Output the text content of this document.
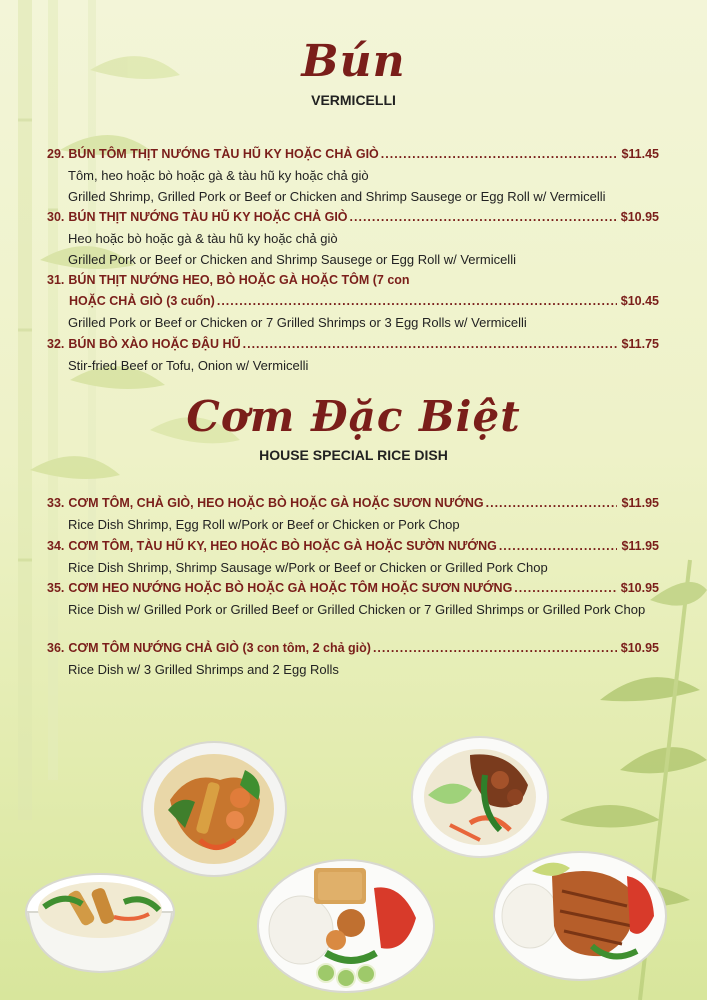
Bún
VERMICELLI
29. BÚN TÔM THỊT NƯỚNG TÀU HŨ KY HOẶC CHẢ GIÒ .....	$11.45
Tôm, heo hoặc bò hoặc gà & tàu hũ ky hoặc chả giò
Grilled Shrimp, Grilled Pork or Beef or Chicken and Shrimp Sausege or Egg Roll w/ Vermicelli
30. BÚN THỊT NƯỚNG TÀU HŨ KY HOẶC CHẢ GIÒ .....	$10.95
Heo hoặc bò hoặc gà & tàu hũ ky hoặc chả giò
Grilled Pork or Beef or Chicken and Shrimp Sausege or Egg Roll w/ Vermicelli
31. BÚN THỊT NƯỚNG HEO, BÒ HOẶC GÀ HOẶC TÔM (7 con
HOẶC CHẢ GIÒ (3 cuốn) .....	$10.45
Grilled Pork or Beef or Chicken or 7 Grilled Shrimps or 3 Egg Rolls w/ Vermicelli
32. BÚN BÒ XÀO HOẶC ĐẬU HŨ .....	$11.75
Stir-fried Beef or Tofu, Onion w/ Vermicelli
Cơm Đặc Biệt
HOUSE SPECIAL RICE DISH
33. CƠM TÔM, CHẢ GIÒ, HEO HOẶC BÒ HOẶC GÀ HOẶC SƯƠN NƯỚNG .....	$11.95
Rice Dish Shrimp, Egg Roll w/Pork or Beef or Chicken or Pork Chop
34. CƠM TÔM, TÀU HŨ KY, HEO HOẶC BÒ HOẶC GÀ HOẶC SƯỜN NƯỚNG .....	$11.95
Rice Dish Shrimp, Shrimp Sausage w/Pork or Beef or Chicken or Grilled Pork Chop
35. CƠM HEO NƯỚNG HOẶC BÒ HOẶC GÀ HOẶC TÔM HOẶC SƯƠN NƯỚNG .....	$10.95
Rice Dish w/ Grilled Pork or Grilled Beef or Grilled Chicken or 7 Grilled Shrimps or Grilled Pork Chop
36. CƠM TÔM NƯỚNG CHẢ GIÒ (3 con tôm, 2 chả giò) .....	$10.95
Rice Dish w/ 3 Grilled Shrimps and 2 Egg Rolls
